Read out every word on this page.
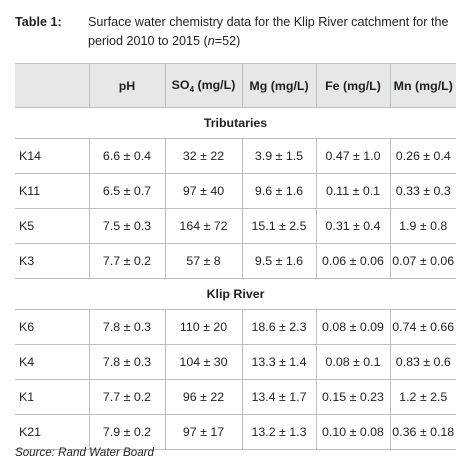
Table 1: Surface water chemistry data for the Klip River catchment for the period 2010 to 2015 (n=52)
	pH	$SO_4$ (mg/L)	Mg (mg/L)	Fe (mg/L)	Mn (mg/L)
Tributaries					
K14	6.6 ± 0.4	32 ± 22	3.9 ± 1.5	0.47 ± 1.0	0.26 ± 0.4
K11	6.5 ± 0.7	97 ± 40	9.6 ± 1.6	0.11 ± 0.1	0.33 ± 0.3
K5	7.5 ± 0.3	164 ± 72	15.1 ± 2.5	0.31 ± 0.4	1.9 ± 0.8
K3	7.7 ± 0.2	57 ± 8	9.5 ± 1.6	0.06 ± 0.06	0.07 ± 0.06
Klip River					
K6	7.8 ± 0.3	110 ± 20	18.6 ± 2.3	0.08 ± 0.09	0.74 ± 0.66
K4	7.8 ± 0.3	104 ± 30	13.3 ± 1.4	0.08 ± 0.1	0.83 ± 0.6
K1	7.7 ± 0.2	96 ± 22	13.4 ± 1.7	0.15 ± 0.23	1.2 ± 2.5
K21	7.9 ± 0.2	97 ± 17	13.2 ± 1.3	0.10 ± 0.08	0.36 ± 0.18
Source: Rand Water Board
